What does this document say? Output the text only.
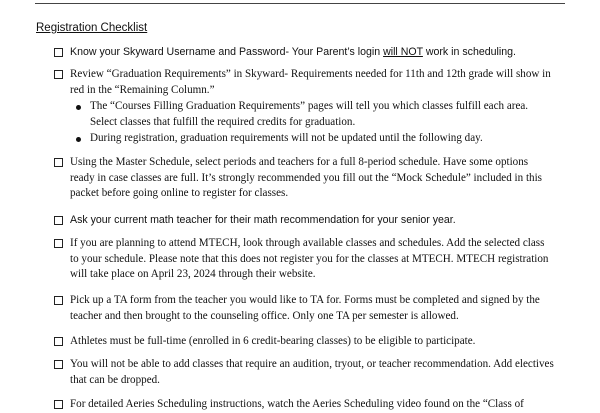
Registration Checklist
Know your Skyward Username and Password- Your Parent’s login will NOT work in scheduling.
Review “Graduation Requirements” in Skyward- Requirements needed for 11th and 12th grade will show in red in the “Remaining Column.”
The “Courses Filling Graduation Requirements” pages will tell you which classes fulfill each area. Select classes that fulfill the required credits for graduation.
During registration, graduation requirements will not be updated until the following day.
Using the Master Schedule, select periods and teachers for a full 8-period schedule. Have some options ready in case classes are full. It’s strongly recommended you fill out the “Mock Schedule” included in this packet before going online to register for classes.
Ask your current math teacher for their math recommendation for your senior year.
If you are planning to attend MTECH, look through available classes and schedules. Add the selected class to your schedule. Please note that this does not register you for the classes at MTECH. MTECH registration will take place on April 23, 2024 through their website.
Pick up a TA form from the teacher you would like to TA for. Forms must be completed and signed by the teacher and then brought to the counseling office. Only one TA per semester is allowed.
Athletes must be full-time (enrolled in 6 credit-bearing classes) to be eligible to participate.
You will not be able to add classes that require an audition, tryout, or teacher recommendation. Add electives that can be dropped.
For detailed Aeries Scheduling instructions, watch the Aeries Scheduling video found on the “Class of
